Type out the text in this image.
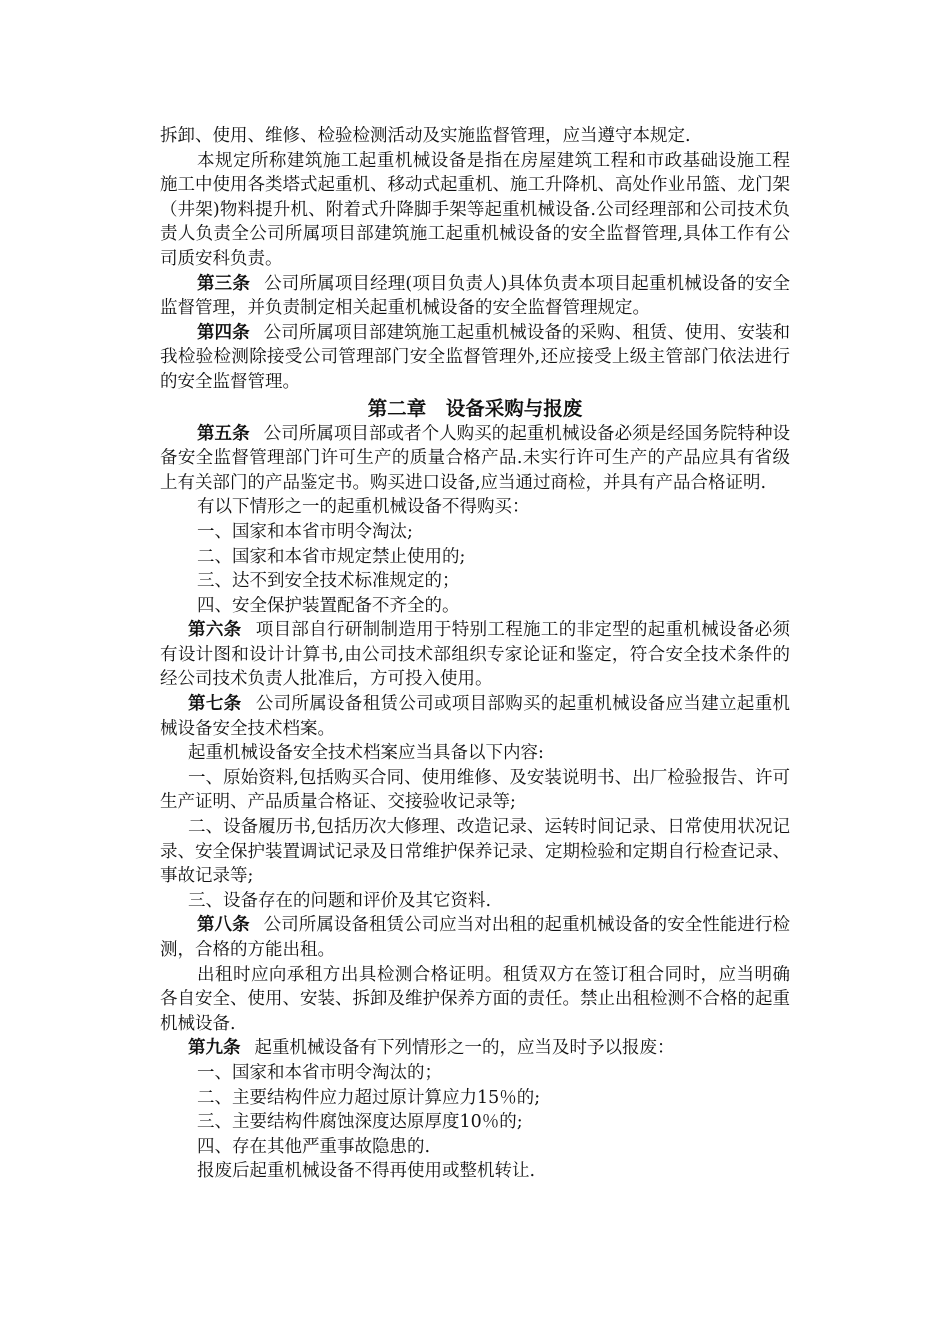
拆卸、使用、维修、检验检测活动及实施监督管理，应当遵守本规定.

本规定所称建筑施工起重机械设备是指在房屋建筑工程和市政基础设施工程施工中使用各类塔式起重机、移动式起重机、施工升降机、高处作业吊篮、龙门架（井架)物料提升机、附着式升降脚手架等起重机械设备.公司经理部和公司技术负责人负责全公司所属项目部建筑施工起重机械设备的安全监督管理,具体工作有公司质安科负责。

第三条 公司所属项目经理(项目负责人)具体负责本项目起重机械设备的安全监督管理，并负责制定相关起重机械设备的安全监督管理规定。

第四条 公司所属项目部建筑施工起重机械设备的采购、租赁、使用、安装和我检验检测除接受公司管理部门安全监督管理外,还应接受上级主管部门依法进行的安全监督管理。

第二章　设备采购与报废

第五条 公司所属项目部或者个人购买的起重机械设备必须是经国务院特种设备安全监督管理部门许可生产的质量合格产品.未实行许可生产的产品应具有省级上有关部门的产品鉴定书。购买进口设备,应当通过商检，并具有产品合格证明.

有以下情形之一的起重机械设备不得购买：

一、国家和本省市明令淘汰;

二、国家和本省市规定禁止使用的;

三、达不到安全技术标准规定的；

四、安全保护装置配备不齐全的。

第六条 项目部自行研制制造用于特别工程施工的非定型的起重机械设备必须有设计图和设计计算书,由公司技术部组织专家论证和鉴定，符合安全技术条件的经公司技术负责人批准后，方可投入使用。

第七条 公司所属设备租赁公司或项目部购买的起重机械设备应当建立起重机械设备安全技术档案。

起重机械设备安全技术档案应当具备以下内容:

一、原始资料,包括购买合同、使用维修、及安装说明书、出厂检验报告、许可生产证明、产品质量合格证、交接验收记录等;

二、设备履历书,包括历次大修理、改造记录、运转时间记录、日常使用状况记录、安全保护装置调试记录及日常维护保养记录、定期检验和定期自行检查记录、事故记录等;

三、设备存在的问题和评价及其它资料.

第八条 公司所属设备租赁公司应当对出租的起重机械设备的安全性能进行检测，合格的方能出租。

出租时应向承租方出具检测合格证明。租赁双方在签订租合同时，应当明确各自安全、使用、安装、拆卸及维护保养方面的责任。禁止出租检测不合格的起重机械设备.

第九条 起重机械设备有下列情形之一的，应当及时予以报废：

一、国家和本省市明令淘汰的；

二、主要结构件应力超过原计算应力15％的;

三、主要结构件腐蚀深度达原厚度10％的;

四、存在其他严重事故隐患的.

报废后起重机械设备不得再使用或整机转让.
